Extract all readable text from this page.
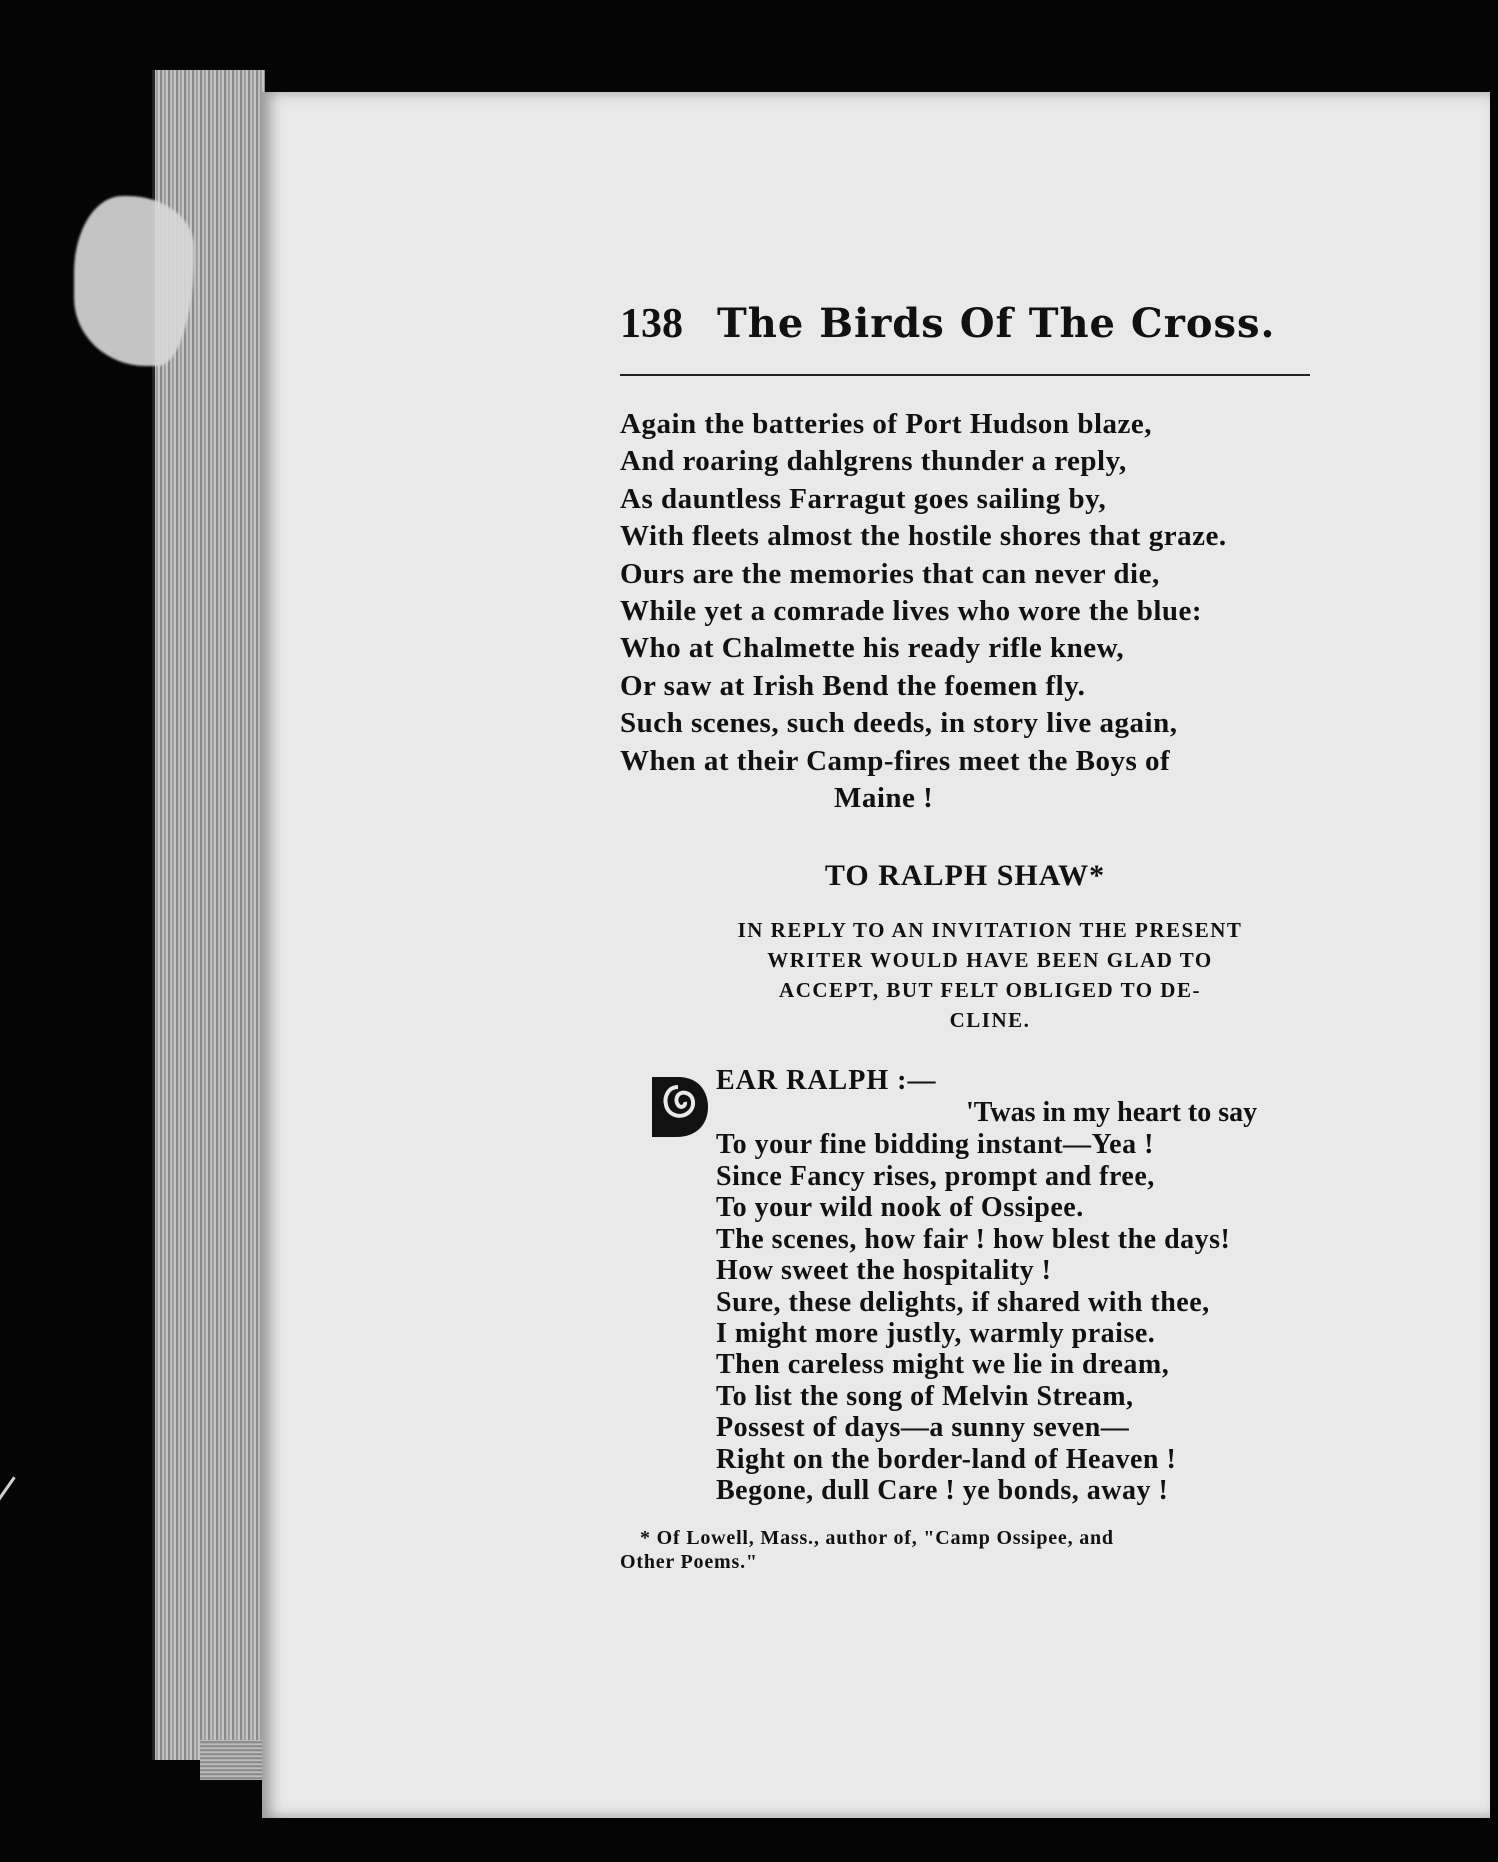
138 The Birds Of The Cross.
Again the batteries of Port Hudson blaze,
And roaring dahlgrens thunder a reply,
As dauntless Farragut goes sailing by,
With fleets almost the hostile shores that graze.
Ours are the memories that can never die,
While yet a comrade lives who wore the blue:
Who at Chalmette his ready rifle knew,
Or saw at Irish Bend the foemen fly.
Such scenes, such deeds, in story live again,
When at their Camp-fires meet the Boys of
Maine !
TO RALPH SHAW*
IN REPLY TO AN INVITATION THE PRESENT
WRITER WOULD HAVE BEEN GLAD TO
ACCEPT, BUT FELT OBLIGED TO DE-
CLINE.
EAR RALPH :—
'Twas in my heart to say
To your fine bidding instant—Yea !
Since Fancy rises, prompt and free,
To your wild nook of Ossipee.
The scenes, how fair ! how blest the days!
How sweet the hospitality !
Sure, these delights, if shared with thee,
I might more justly, warmly praise.
Then careless might we lie in dream,
To list the song of Melvin Stream,
Possest of days—a sunny seven—
Right on the border-land of Heaven !
Begone, dull Care ! ye bonds, away !
* Of Lowell, Mass., author of, "Camp Ossipee, and
Other Poems."
